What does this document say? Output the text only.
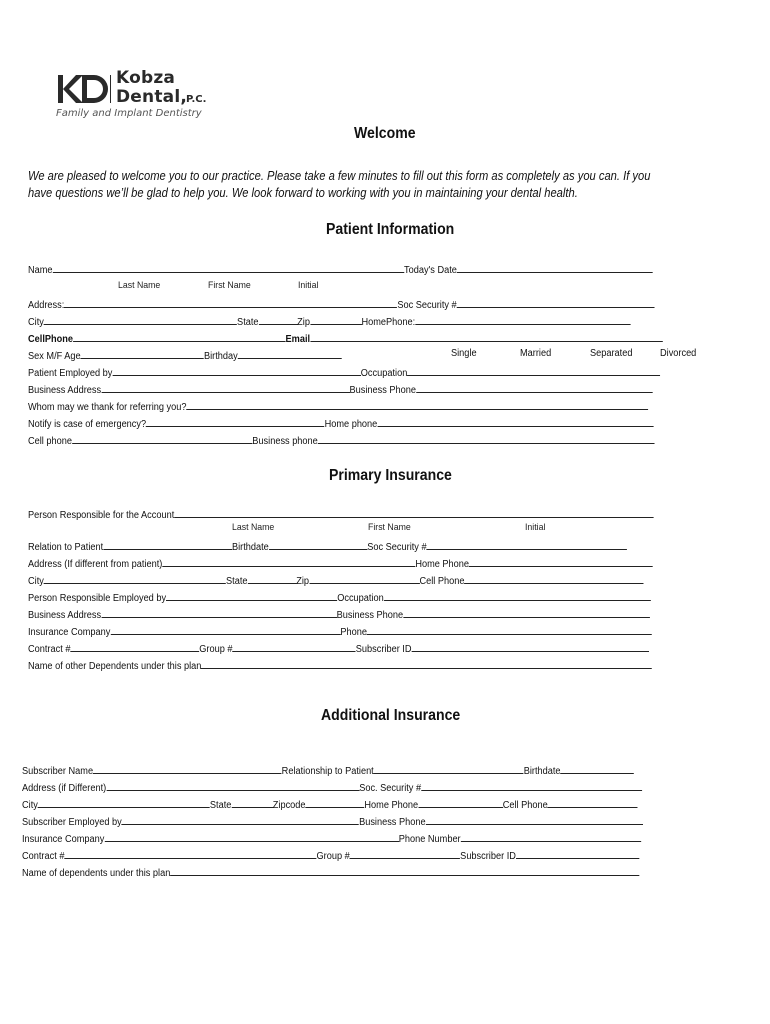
Kobza
Dental,
P.C.
Family and Implant Dentistry
Welcome
We are pleased to welcome you to our practice. Please take a few minutes to fill out this form as completely as you can. If you
have questions we’ll be glad to help you. We look forward to working with you in maintaining your dental health.
Patient Information
Name	Today's Date
Last Name	First Name	Initial
Address:	Soc Security #
City	State	Zip	HomePhone:
CellPhone	Email
Sex M/F Age	Birthday	Single	Married	Separated	Divorced
Patient Employed by	Occupation
Business Address	Business Phone
Whom may we thank for referring you?
Notify is case of emergency?	Home phone
Cell phone	Business phone
Primary Insurance
Person Responsible for the Account
Last Name	First Name	Initial
Relation to Patient	Birthdate	Soc Security #
Address (If different from patient)	Home Phone
City	State	Zip	Cell Phone
Person Responsible Employed by	Occupation
Business Address	Business Phone
Insurance Company	Phone
Contract #	Group #	Subscriber ID
Name of other Dependents under this plan
Additional Insurance
Subscriber Name	Relationship to Patient	Birthdate
Address (if Different)	Soc. Security #
City	State	Zipcode	Home Phone	Cell Phone
Subscriber Employed by	Business Phone
Insurance Company	Phone Number
Contract #	Group #	Subscriber ID
Name of dependents under this plan
